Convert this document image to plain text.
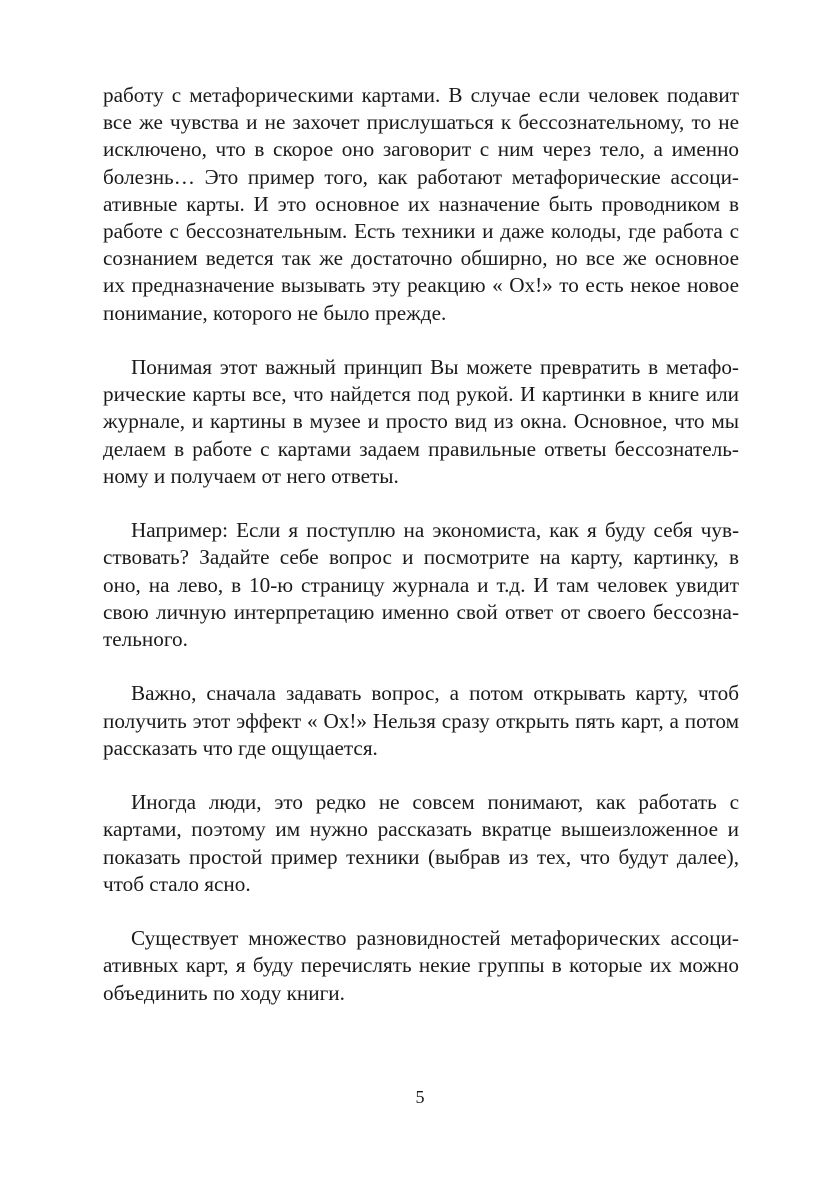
работу с метафорическими картами. В случае если человек подавит
все же чувства и не захочет прислушаться к бессознательному, то не
исключено, что в скорое оно заговорит с ним через тело, а именно
болезнь… Это пример того, как работают метафорические ассоци-
ативные карты. И это основное их назначение быть проводником в
работе с бессознательным. Есть техники и даже колоды, где работа с
сознанием ведется так же достаточно обширно, но все же основное
их предназначение вызывать эту реакцию « Ох!» то есть некое новое
понимание, которого не было прежде.

Понимая этот важный принцип Вы можете превратить в метафо-
рические карты все, что найдется под рукой. И картинки в книге или
журнале, и картины в музее и просто вид из окна. Основное, что мы
делаем в работе с картами задаем правильные ответы бессознатель-
ному и получаем от него ответы.

Например: Если я поступлю на экономиста, как я буду себя чув-
ствовать? Задайте себе вопрос и посмотрите на карту, картинку, в
оно, на лево, в 10-ю страницу журнала и т.д. И там человек увидит
свою личную интерпретацию именно свой ответ от своего бессозна-
тельного.

Важно, сначала задавать вопрос, а потом открывать карту, чтоб
получить этот эффект « Ох!» Нельзя сразу открыть пять карт, а потом
рассказать что где ощущается.

Иногда люди, это редко не совсем понимают, как работать с
картами, поэтому им нужно рассказать вкратце вышеизложенное и
показать простой пример техники (выбрав из тех, что будут далее),
чтоб стало ясно.

Существует множество разновидностей метафорических ассоци-
ативных карт, я буду перечислять некие группы в которые их можно
объединить по ходу книги.

5
